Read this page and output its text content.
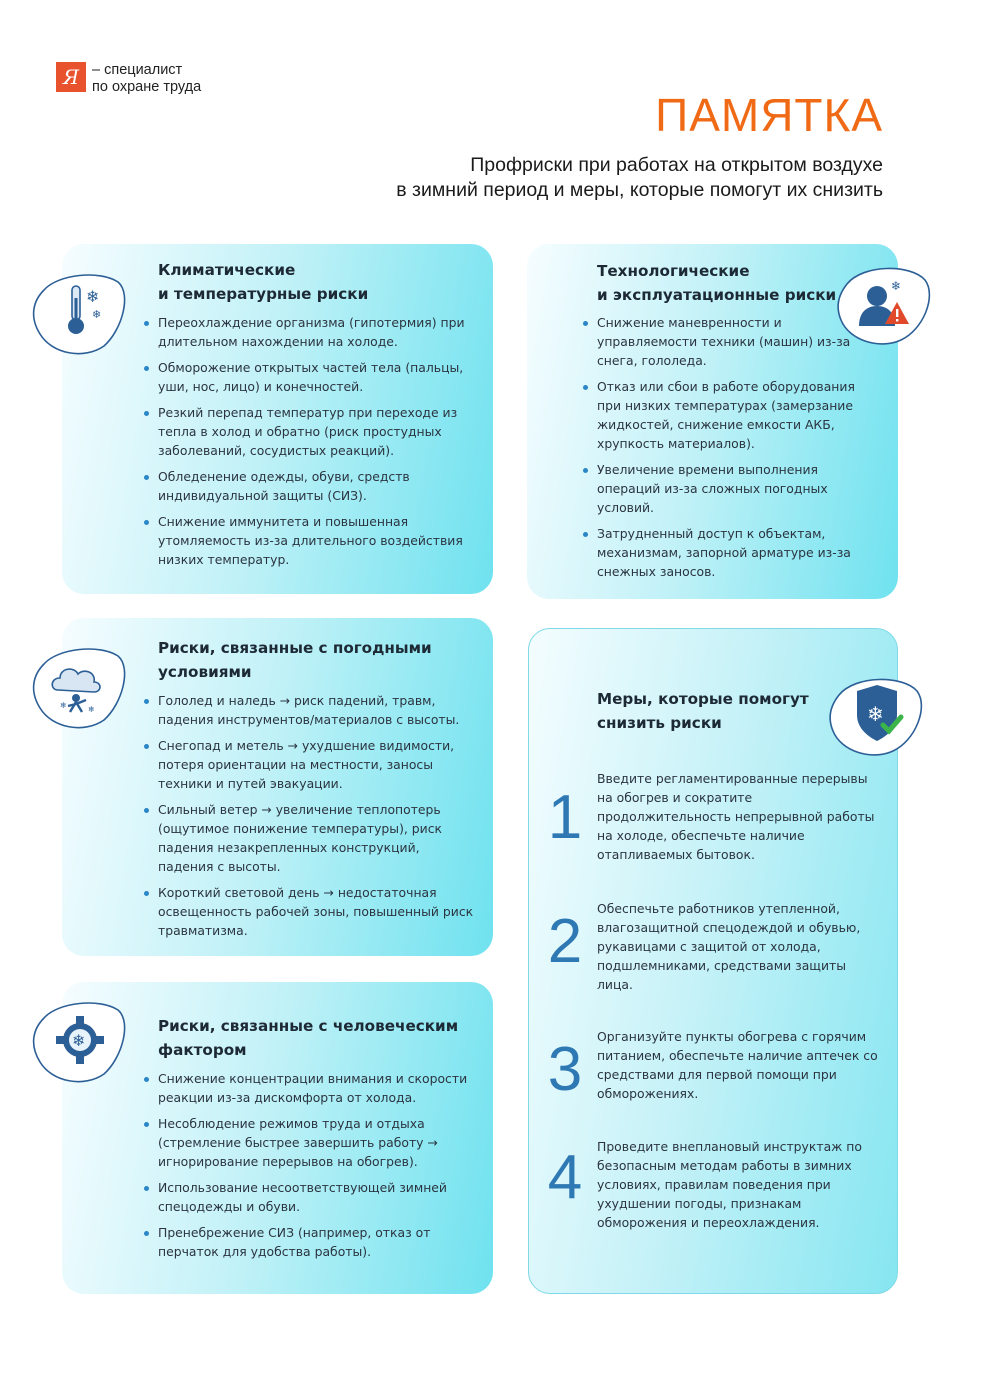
Я – специалист
по охране труда
ПАМЯТКА
Профриски при работах на открытом воздухе
в зимний период и меры, которые помогут их снизить
❄
❄
Климатические
и температурные риски
Переохлаждение организма (гипотермия) при длительном нахождении на холоде.
Обморожение открытых частей тела (пальцы, уши, нос, лицо) и конечностей.
Резкий перепад температур при переходе из тепла в холод и обратно (риск простудных заболеваний, сосудистых реакций).
Обледенение одежды, обуви, средств индивидуальной защиты (СИЗ).
Снижение иммунитета и повышенная утомляемость из-за длительного воздействия низких температур.
Технологические
и эксплуатационные риски
Снижение маневренности и управляемости техники (машин) из-за снега, гололеда.
Отказ или сбои в работе оборудования при низких температурах (замерзание жидкостей, снижение емкости АКБ, хрупкость материалов).
Увеличение времени выполнения операций из-за сложных погодных условий.
Затрудненный доступ к объектам, механизмам, запорной арматуре из-за снежных заносов.
❄
❄	❄
Риски, связанные с погодными
условиями
Гололед и наледь → риск падений, травм, падения инструментов/материалов с высоты.
Снегопад и метель → ухудшение видимости, потеря ориентации на местности, заносы техники и путей эвакуации.
Сильный ветер → увеличение теплопотерь (ощутимое понижение температуры), риск падения незакрепленных конструкций, падения с высоты.
Короткий световой день → недостаточная освещенность рабочей зоны, повышенный риск травматизма.
❄
Риски, связанные с человеческим
фактором
Снижение концентрации внимания и скорости реакции из-за дискомфорта от холода.
Несоблюдение режимов труда и отдыха (стремление быстрее завершить работу → игнорирование перерывов на обогрев).
Использование несоответствующей зимней спецодежды и обуви.
Пренебрежение СИЗ (например, отказ от перчаток для удобства работы).
Меры, которые помогут
снизить риски	❄
1
Введите регламентированные перерывы на обогрев и сократите продолжительность непрерывной работы на холоде, обеспечьте наличие отапливаемых бытовок.
2 Обеспечьте работников утепленной, влагозащитной спецодеждой и обувью, рукавицами с защитой от холода, подшлемниками, средствами защиты лица.
3 Организуйте пункты обогрева с горячим питанием, обеспечьте наличие аптечек со средствами для первой помощи при обморожениях.
4 Проведите внеплановый инструктаж по безопасным методам работы в зимних условиях, правилам поведения при ухудшении погоды, признакам обморожения и переохлаждения.
